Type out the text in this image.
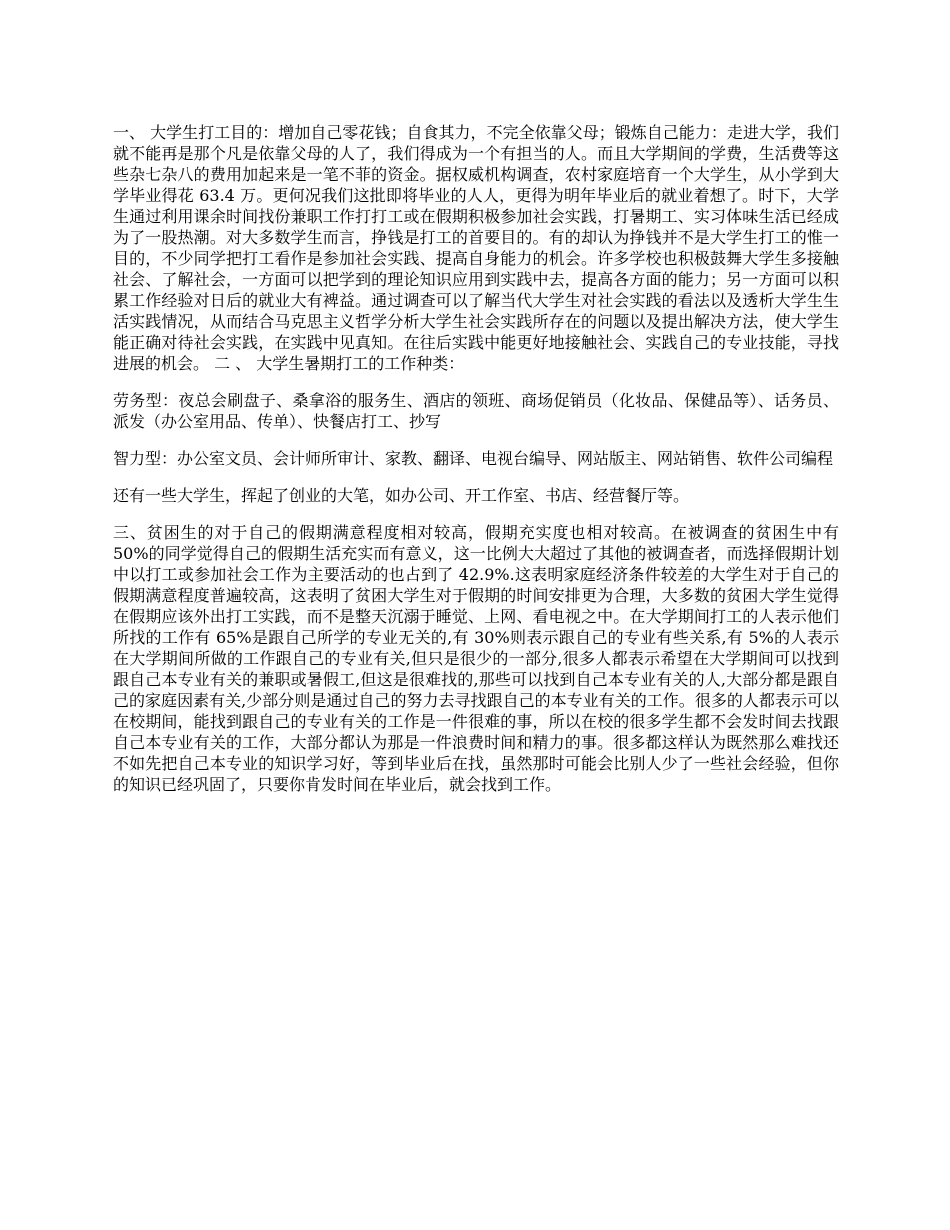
一、 大学生打工目的：增加自己零花钱；自食其力，不完全依靠父母；锻炼自己能力：走进大学，我们就不能再是那个凡是依靠父母的人了，我们得成为一个有担当的人。而且大学期间的学费，生活费等这些杂七杂八的费用加起来是一笔不菲的资金。据权威机构调查，农村家庭培育一个大学生，从小学到大学毕业得花 63.4 万。更何况我们这批即将毕业的人人，更得为明年毕业后的就业着想了。时下，大学生通过利用课余时间找份兼职工作打打工或在假期积极参加社会实践，打暑期工、实习体味生活已经成为了一股热潮。对大多数学生而言，挣钱是打工的首要目的。有的却认为挣钱并不是大学生打工的惟一目的，不少同学把打工看作是参加社会实践、提高自身能力的机会。许多学校也积极鼓舞大学生多接触社会、了解社会，一方面可以把学到的理论知识应用到实践中去，提高各方面的能力；另一方面可以积累工作经验对日后的就业大有裨益。通过调查可以了解当代大学生对社会实践的看法以及透析大学生生活实践情况，从而结合马克思主义哲学分析大学生社会实践所存在的问题以及提出解决方法，使大学生能正确对待社会实践，在实践中见真知。在往后实践中能更好地接触社会、实践自己的专业技能，寻找进展的机会。 二 、 大学生暑期打工的工作种类：

劳务型：夜总会刷盘子、桑拿浴的服务生、酒店的领班、商场促销员（化妆品、保健品等）、话务员、派发（办公室用品、传单）、快餐店打工、抄写

智力型：办公室文员、会计师所审计、家教、翻译、电视台编导、网站版主、网站销售、软件公司编程

还有一些大学生，挥起了创业的大笔，如办公司、开工作室、书店、经营餐厅等。

三、贫困生的对于自己的假期满意程度相对较高，假期充实度也相对较高。在被调查的贫困生中有 50%的同学觉得自己的假期生活充实而有意义，这一比例大大超过了其他的被调查者，而选择假期计划中以打工或参加社会工作为主要活动的也占到了 42.9%.这表明家庭经济条件较差的大学生对于自己的假期满意程度普遍较高，这表明了贫困大学生对于假期的时间安排更为合理，大多数的贫困大学生觉得在假期应该外出打工实践，而不是整天沉溺于睡觉、上网、看电视之中。在大学期间打工的人表示他们所找的工作有 65%是跟自己所学的专业无关的,有 30%则表示跟自己的专业有些关系,有 5%的人表示在大学期间所做的工作跟自己的专业有关,但只是很少的一部分,很多人都表示希望在大学期间可以找到跟自己本专业有关的兼职或暑假工,但这是很难找的,那些可以找到自己本专业有关的人,大部分都是跟自己的家庭因素有关,少部分则是通过自己的努力去寻找跟自己的本专业有关的工作。很多的人都表示可以在校期间，能找到跟自己的专业有关的工作是一件很难的事，所以在校的很多学生都不会发时间去找跟自己本专业有关的工作，大部分都认为那是一件浪费时间和精力的事。很多都这样认为既然那么难找还不如先把自己本专业的知识学习好，等到毕业后在找，虽然那时可能会比别人少了一些社会经验，但你的知识已经巩固了，只要你肯发时间在毕业后，就会找到工作。
